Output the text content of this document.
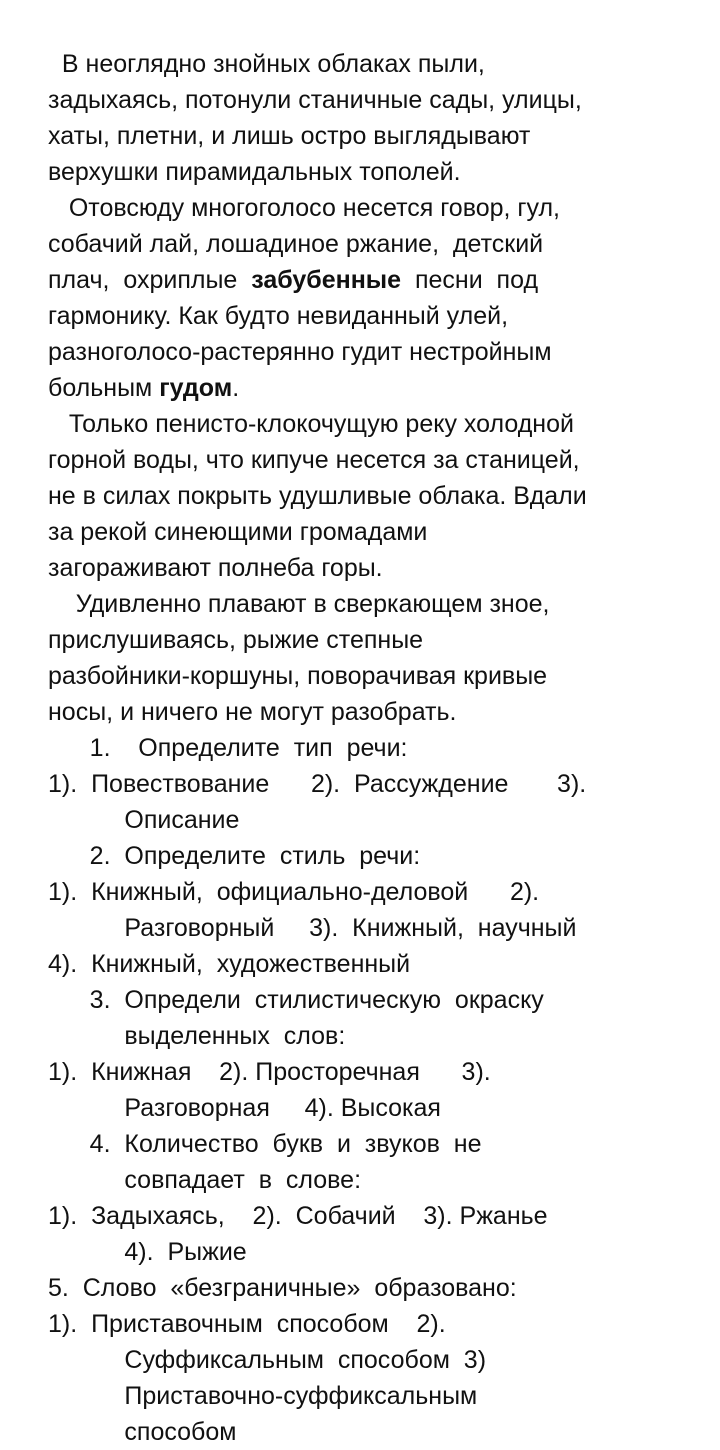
В неоглядно знойных облаках пыли,
задыхаясь, потонули станичные сады, улицы,
хаты, плетни, и лишь остро выглядывают
верхушки пирамидальных тополей.
Отовсюду многоголосо несется говор, гул,
собачий лай, лошадиное ржание,  детский
плач,  охриплые  забубенные  песни  под
гармонику. Как будто невиданный улей,
разноголосо-растерянно гудит нестройным
больным гудом.
Только пенисто-клокочущую реку холодной
горной воды, что кипуче несется за станицей,
не в силах покрыть удушливые облака. Вдали
за рекой синеющими громадами
загораживают полнеба горы.
Удивленно плавают в сверкающем зное,
прислушиваясь, рыжие степные
разбойники-коршуны, поворачивая кривые
носы, и ничего не могут разобрать.
1.    Определите  тип  речи:
1).  Повествование      2).  Рассуждение       3).
Описание
2.  Определите  стиль  речи:
1).  Книжный,  официально-деловой      2).
Разговорный     3).  Книжный,  научный
4).  Книжный,  художественный
3.  Определи  стилистическую  окраску
выделенных  слов:
1).  Книжная    2). Просторечная      3).
Разговорная     4). Высокая
4.  Количество  букв  и  звуков  не
совпадает  в  слове:
1).  Задыхаясь,    2).  Собачий    3). Ржанье
4).  Рыжие
5.  Слово  «безграничные»  образовано:
1).  Приставочным  способом    2).
Суффиксальным  способом  3)
Приставочно-суффиксальным
способом
